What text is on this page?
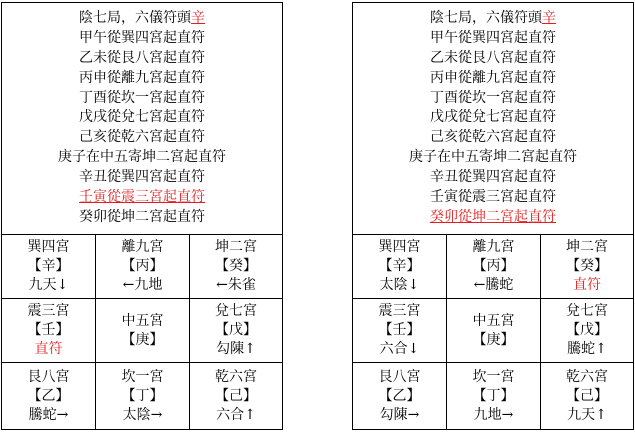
陰七局，六儀符頭辛
甲午從巽四宮起直符
乙未從艮八宮起直符
丙申從離九宮起直符
丁酉從坎一宮起直符
戊戌從兌七宮起直符
己亥從乾六宮起直符
庚子在中五寄坤二宮起直符
辛丑從巽四宮起直符
壬寅從震三宮起直符
癸卯從坤二宮起直符
巽四宮
【辛】
九天↓
離九宮
【丙】
←九地
坤二宮
【癸】
←朱雀
震三宮
【壬】
直符
中五宮
【庚】
兌七宮
【戊】
勾陳↑
艮八宮
【乙】
騰蛇→
坎一宮
【丁】
太陰→
乾六宮
【己】
六合↑
陰七局，六儀符頭辛
甲午從巽四宮起直符
乙未從艮八宮起直符
丙申從離九宮起直符
丁酉從坎一宮起直符
戊戌從兌七宮起直符
己亥從乾六宮起直符
庚子在中五寄坤二宮起直符
辛丑從巽四宮起直符
壬寅從震三宮起直符
癸卯從坤二宮起直符
巽四宮
【辛】
太陰↓
離九宮
【丙】
←騰蛇
坤二宮
【癸】
直符
震三宮
【壬】
六合↓
中五宮
【庚】
兌七宮
【戊】
騰蛇↑
艮八宮
【乙】
勾陳→
坎一宮
【丁】
九地→
乾六宮
【己】
九天↑
